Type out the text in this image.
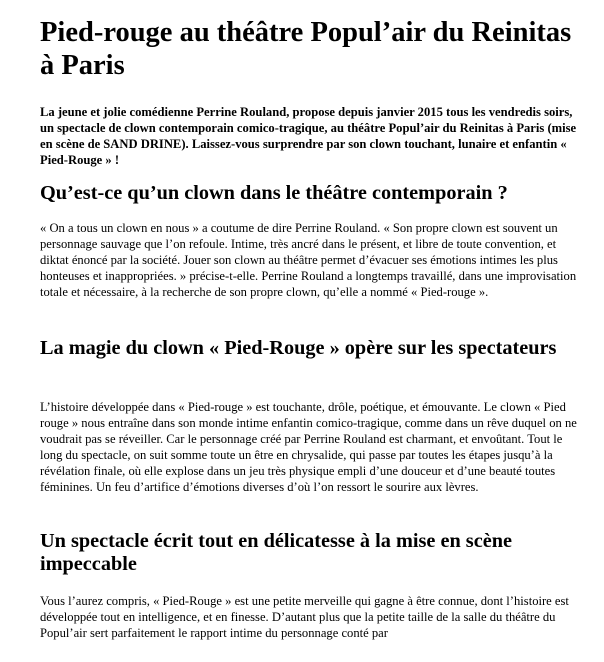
Pied-rouge au théâtre Popul’air du Reinitas à Paris

La jeune et jolie comédienne Perrine Rouland, propose depuis janvier 2015 tous les vendredis soirs, un spectacle de clown contemporain comico-tragique, au théâtre Popul’air du Reinitas à Paris (mise en scène de SAND DRINE). Laissez-vous surprendre par son clown touchant, lunaire et enfantin « Pied-Rouge » !

Qu’est-ce qu’un clown dans le théâtre contemporain ?

« On a tous un clown en nous » a coutume de dire Perrine Rouland. « Son propre clown est souvent un personnage sauvage que l’on refoule. Intime, très ancré dans le présent, et libre de toute convention, et diktat énoncé par la société. Jouer son clown au théâtre permet d’évacuer ses émotions intimes les plus honteuses et inappropriées. » précise-t-elle. Perrine Rouland a longtemps travaillé, dans une improvisation totale et nécessaire, à la recherche de son propre clown, qu’elle a nommé « Pied-rouge ».

La magie du clown « Pied-Rouge » opère sur les spectateurs

L’histoire développée dans « Pied-rouge » est touchante, drôle, poétique, et émouvante. Le clown « Pied rouge » nous entraîne dans son monde intime enfantin comico-tragique, comme dans un rêve duquel on ne voudrait pas se réveiller. Car le personnage créé par Perrine Rouland est charmant, et envoûtant. Tout le long du spectacle, on suit somme toute un être en chrysalide, qui passe par toutes les étapes jusqu’à la révélation finale, où elle explose dans un jeu très physique empli d’une douceur et d’une beauté toutes féminines. Un feu d’artifice d’émotions diverses d’où l’on ressort le sourire aux lèvres.

Un spectacle écrit tout en délicatesse à la mise en scène impeccable

Vous l’aurez compris, « Pied-Rouge » est une petite merveille qui gagne à être connue, dont l’histoire est développée tout en intelligence, et en finesse. D’autant plus que la petite taille de la salle du théâtre du Popul’air sert parfaitement le rapport intime du personnage conté par
